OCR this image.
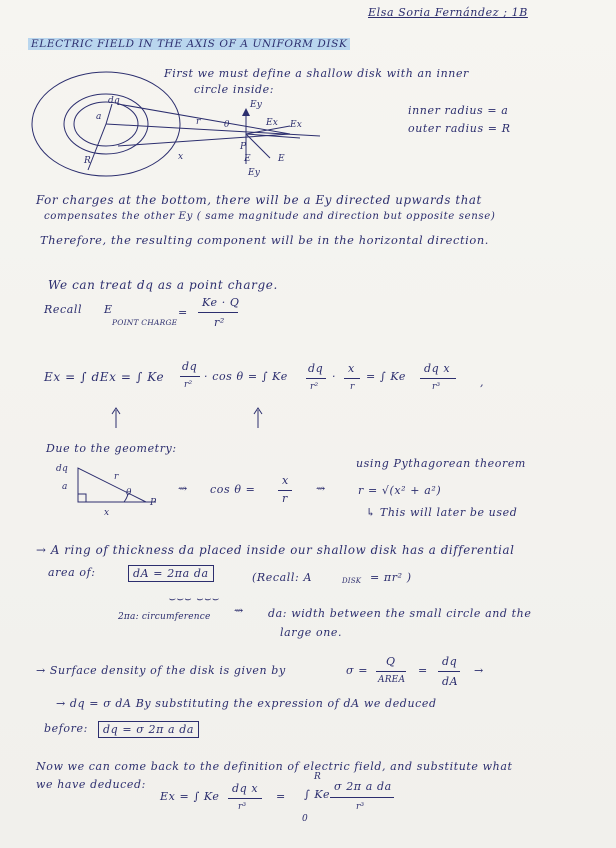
Elsa Soria Fernández ; 1B
ELECTRIC FIELD IN THE AXIS OF A UNIFORM DISK
First we must define a shallow disk with an inner
circle inside:
dq
a
R
r
x
θ
Ey
Ey
Ex Ex
P
E
E
inner radius = a
outer radius = R
For charges at the bottom, there will be a Ey directed upwards that
compensates the other Ey ( same magnitude and direction but opposite sense)
Therefore, the resulting component will be in the horizontal direction.
We can treat dq as a point charge.
Recall E
POINT CHARGE
=
Ke · Q
r²
Ex = ∫ dEx = ∫ Ke
dq
r²
· cos θ = ∫ Ke
dq
r²
·
x
r
= ∫ Ke
dq x
r³	,
Due to the geometry:
dq
a
r
x
θ
P
⇝ cos θ =
x
r
⇝
using Pythagorean theorem
r = √(x² + a²)
↳ This will later be used
→ A ring of thickness da placed inside our shallow disk has a differential
area of:	dA = 2πa da	(Recall: A	DISK = πr² )
⌣⌣⌣ ⌣⌣⌣
⇝
2πa: circumference	da: width between the small circle and the
large one.
→ Surface density of the disk is given by	σ =
Q
AREA
=
dq
dA
→
→ dq = σ dA By substituting the expression of dA we deduced
before:	dq = σ 2π a da
Now we can come back to the definition of electric field, and substitute what
we have deduced:
Ex = ∫ Ke
dq x
r³
=
R
∫ Ke
0
σ 2π a da
r³
